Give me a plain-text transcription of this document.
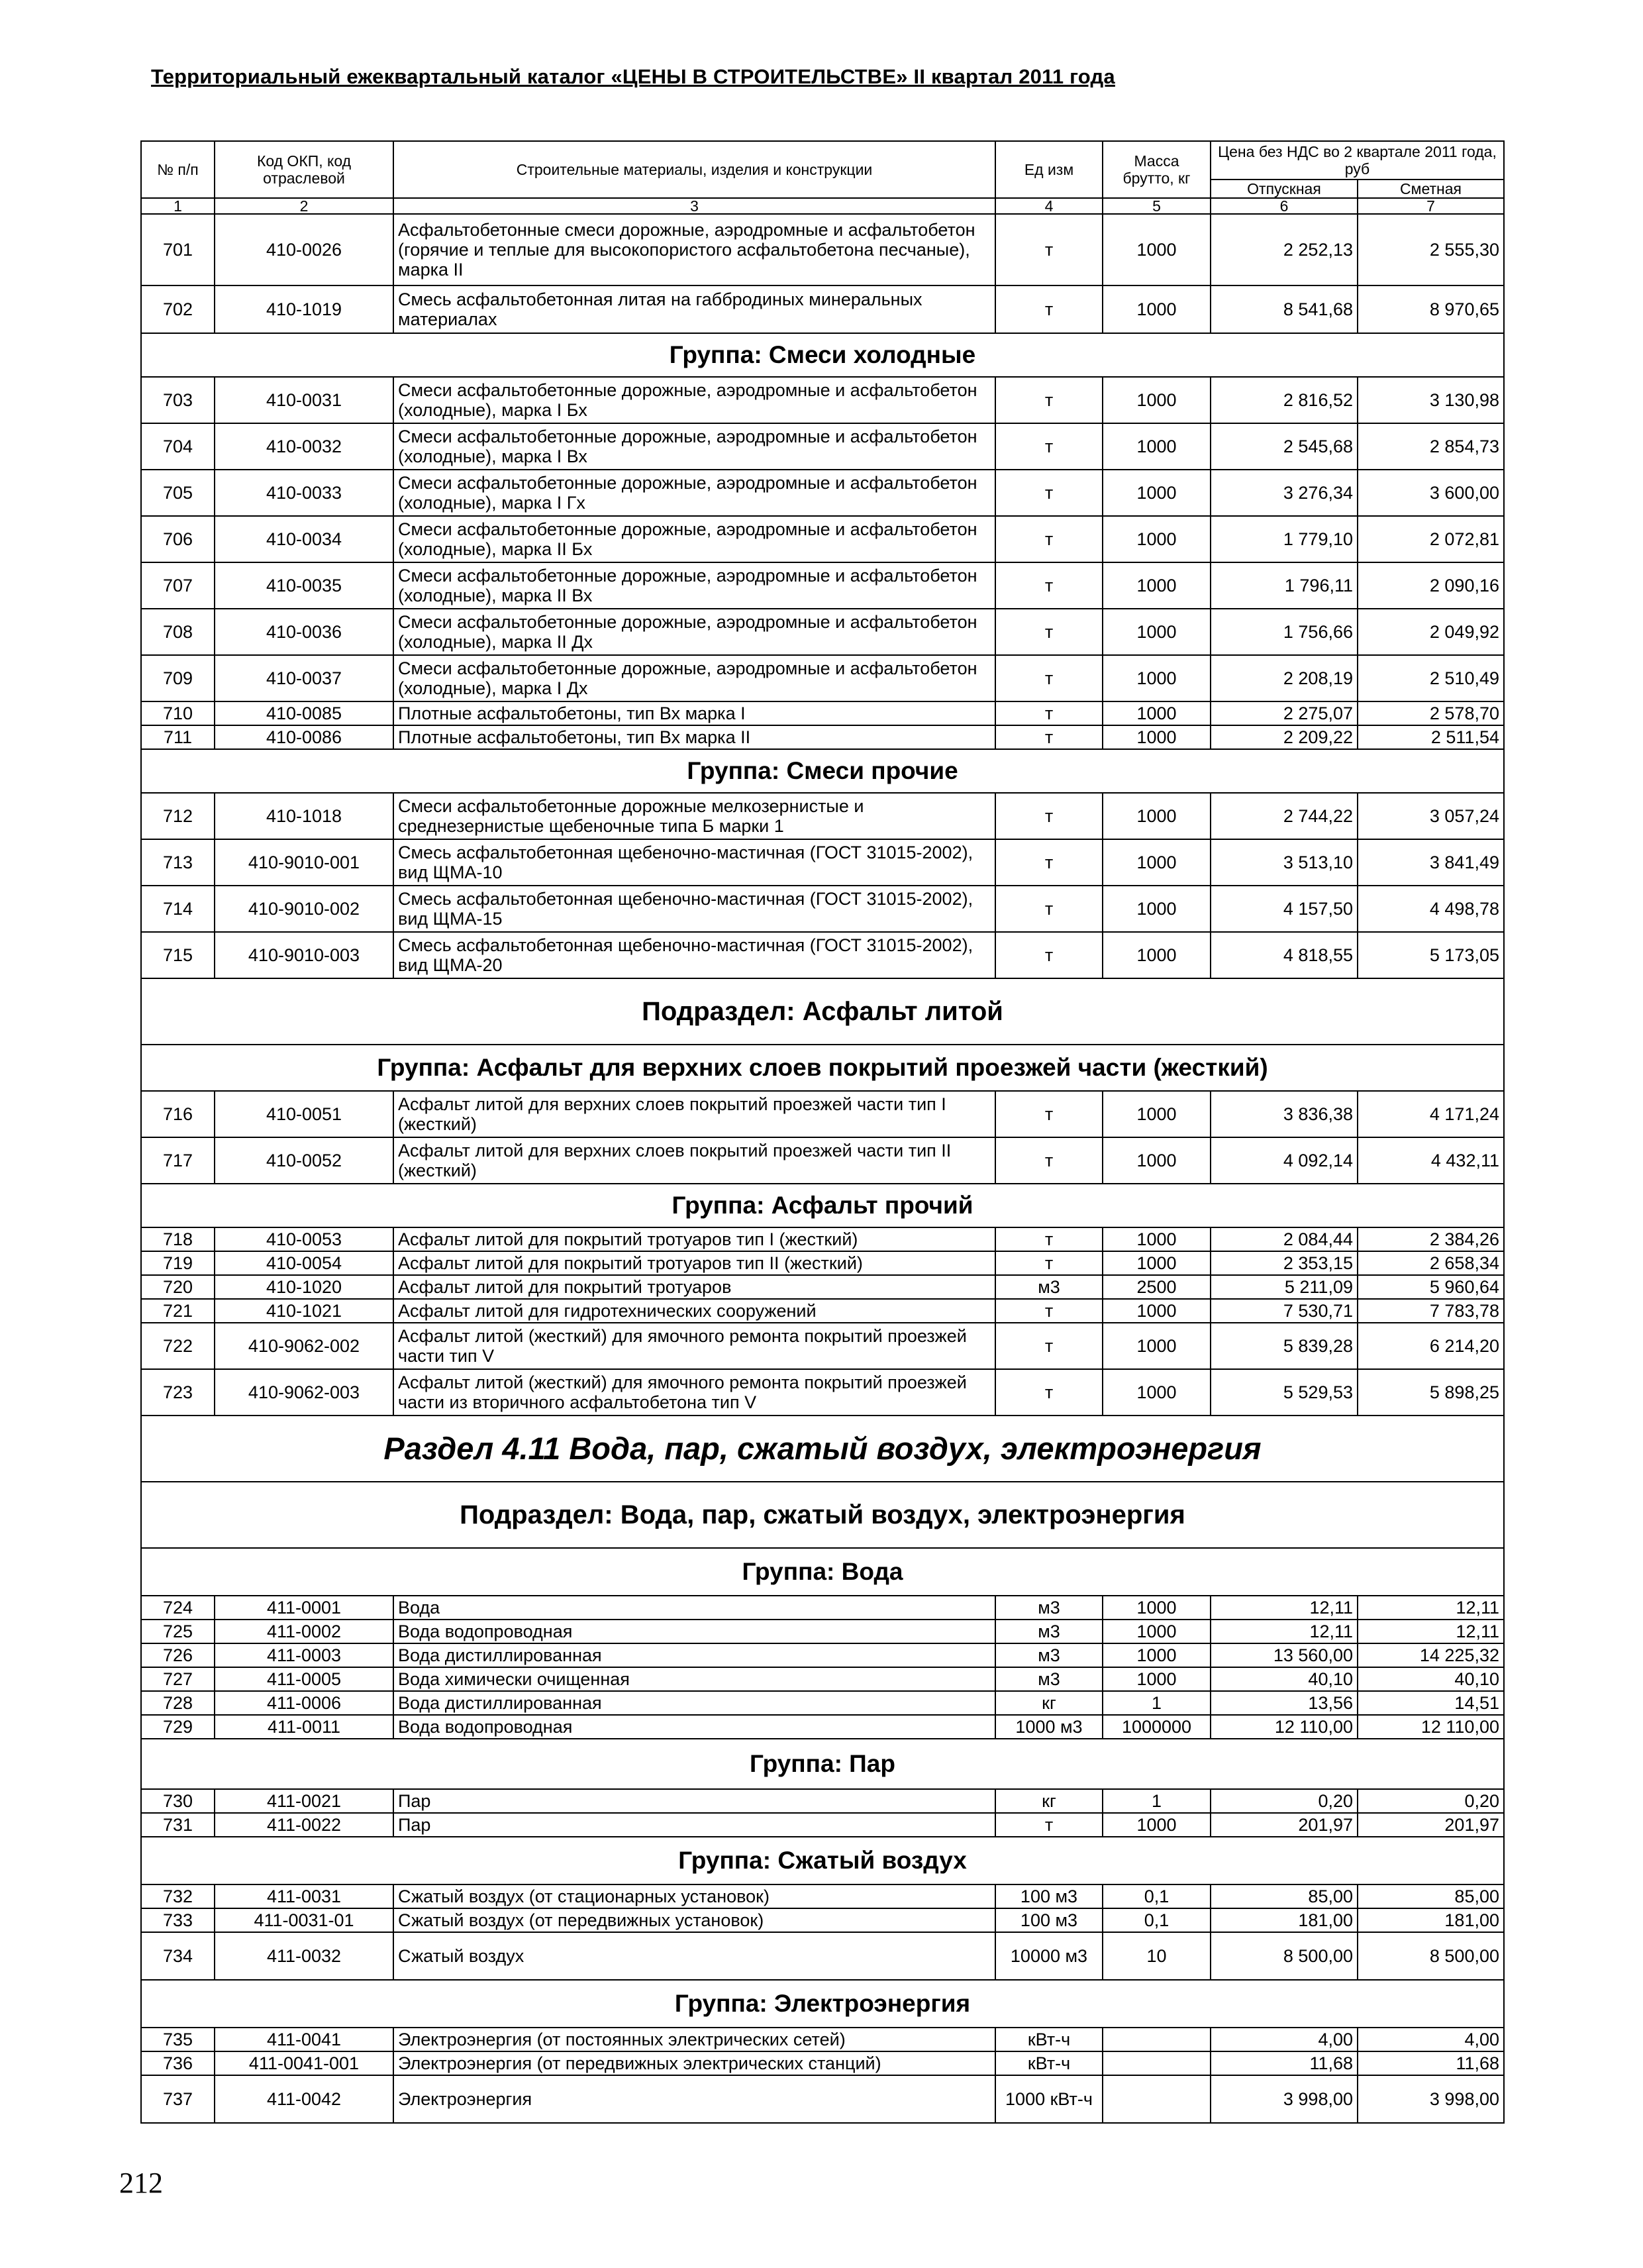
Территориальный ежеквартальный каталог «ЦЕНЫ В СТРОИТЕЛЬСТВЕ» II квартал 2011 года
№ п/п	Код ОКП, код отраслевой	Строительные материалы, изделия и конструкции	Ед изм	Масса брутто, кг	Цена без НДС во 2 квартале 2011 года, руб	
					Отпускная	Сметная
1	2	3	4	5	6	7
701	410-0026	Асфальтобетонные смеси дорожные, аэродромные и асфальтобетон (горячие и теплые для высокопористого асфальтобетона песчаные), марка II	т	1000	2 252,13	2 555,30
702	410-1019	Смесь асфальтобетонная литая на габбродиных минеральных материалах	т	1000	8 541,68	8 970,65
Группа: Смеси холодные						
703	410-0031	Смеси асфальтобетонные дорожные, аэродромные и асфальтобетон (холодные), марка I Бх	т	1000	2 816,52	3 130,98
704	410-0032	Смеси асфальтобетонные дорожные, аэродромные и асфальтобетон (холодные), марка I Вх	т	1000	2 545,68	2 854,73
705	410-0033	Смеси асфальтобетонные дорожные, аэродромные и асфальтобетон (холодные), марка I Гх	т	1000	3 276,34	3 600,00
706	410-0034	Смеси асфальтобетонные дорожные, аэродромные и асфальтобетон (холодные), марка II Бх	т	1000	1 779,10	2 072,81
707	410-0035	Смеси асфальтобетонные дорожные, аэродромные и асфальтобетон (холодные), марка II Вх	т	1000	1 796,11	2 090,16
708	410-0036	Смеси асфальтобетонные дорожные, аэродромные и асфальтобетон (холодные), марка II Дх	т	1000	1 756,66	2 049,92
709	410-0037	Смеси асфальтобетонные дорожные, аэродромные и асфальтобетон (холодные), марка I Дх	т	1000	2 208,19	2 510,49
710	410-0085	Плотные асфальтобетоны, тип Вх марка I	т	1000	2 275,07	2 578,70
711	410-0086	Плотные асфальтобетоны, тип Вх марка II	т	1000	2 209,22	2 511,54
Группа: Смеси прочие						
712	410-1018	Смеси асфальтобетонные дорожные мелкозернистые и среднезернистые щебеночные типа Б марки 1	т	1000	2 744,22	3 057,24
713	410-9010-001	Смесь асфальтобетонная щебеночно-мастичная (ГОСТ 31015-2002), вид ЩМА-10	т	1000	3 513,10	3 841,49
714	410-9010-002	Смесь асфальтобетонная щебеночно-мастичная (ГОСТ 31015-2002), вид ЩМА-15	т	1000	4 157,50	4 498,78
715	410-9010-003	Смесь асфальтобетонная щебеночно-мастичная (ГОСТ 31015-2002), вид ЩМА-20	т	1000	4 818,55	5 173,05
Подраздел: Асфальт литой						
Группа: Асфальт для верхних слоев покрытий проезжей части (жесткий)						
716	410-0051	Асфальт литой для верхних слоев покрытий проезжей части тип I (жесткий)	т	1000	3 836,38	4 171,24
717	410-0052	Асфальт литой для верхних слоев покрытий проезжей части тип II (жесткий)	т	1000	4 092,14	4 432,11
Группа: Асфальт прочий						
718	410-0053	Асфальт литой для покрытий тротуаров тип I (жесткий)	т	1000	2 084,44	2 384,26
719	410-0054	Асфальт литой для покрытий тротуаров тип II (жесткий)	т	1000	2 353,15	2 658,34
720	410-1020	Асфальт литой для покрытий тротуаров	м3	2500	5 211,09	5 960,64
721	410-1021	Асфальт литой для гидротехнических сооружений	т	1000	7 530,71	7 783,78
722	410-9062-002	Асфальт литой (жесткий) для ямочного ремонта покрытий проезжей части тип V	т	1000	5 839,28	6 214,20
723	410-9062-003	Асфальт литой (жесткий) для ямочного ремонта покрытий проезжей части из вторичного асфальтобетона тип V	т	1000	5 529,53	5 898,25
Раздел 4.11 Вода, пар, сжатый воздух, электроэнергия						
Подраздел: Вода, пар, сжатый воздух, электроэнергия						
Группа: Вода						
724	411-0001	Вода	м3	1000	12,11	12,11
725	411-0002	Вода водопроводная	м3	1000	12,11	12,11
726	411-0003	Вода дистиллированная	м3	1000	13 560,00	14 225,32
727	411-0005	Вода химически очищенная	м3	1000	40,10	40,10
728	411-0006	Вода дистиллированная	кг	1	13,56	14,51
729	411-0011	Вода водопроводная	1000 м3	1000000	12 110,00	12 110,00
Группа: Пар						
730	411-0021	Пар	кг	1	0,20	0,20
731	411-0022	Пар	т	1000	201,97	201,97
Группа: Сжатый воздух						
732	411-0031	Сжатый воздух (от стационарных установок)	100 м3	0,1	85,00	85,00
733	411-0031-01	Сжатый воздух (от передвижных установок)	100 м3	0,1	181,00	181,00
734	411-0032	Сжатый воздух	10000 м3	10	8 500,00	8 500,00
Группа: Электроэнергия						
735	411-0041	Электроэнергия (от постоянных электрических сетей)	кВт-ч		4,00	4,00
736	411-0041-001	Электроэнергия (от передвижных электрических станций)	кВт-ч		11,68	11,68
737	411-0042	Электроэнергия	1000 кВт-ч		3 998,00	3 998,00
212
